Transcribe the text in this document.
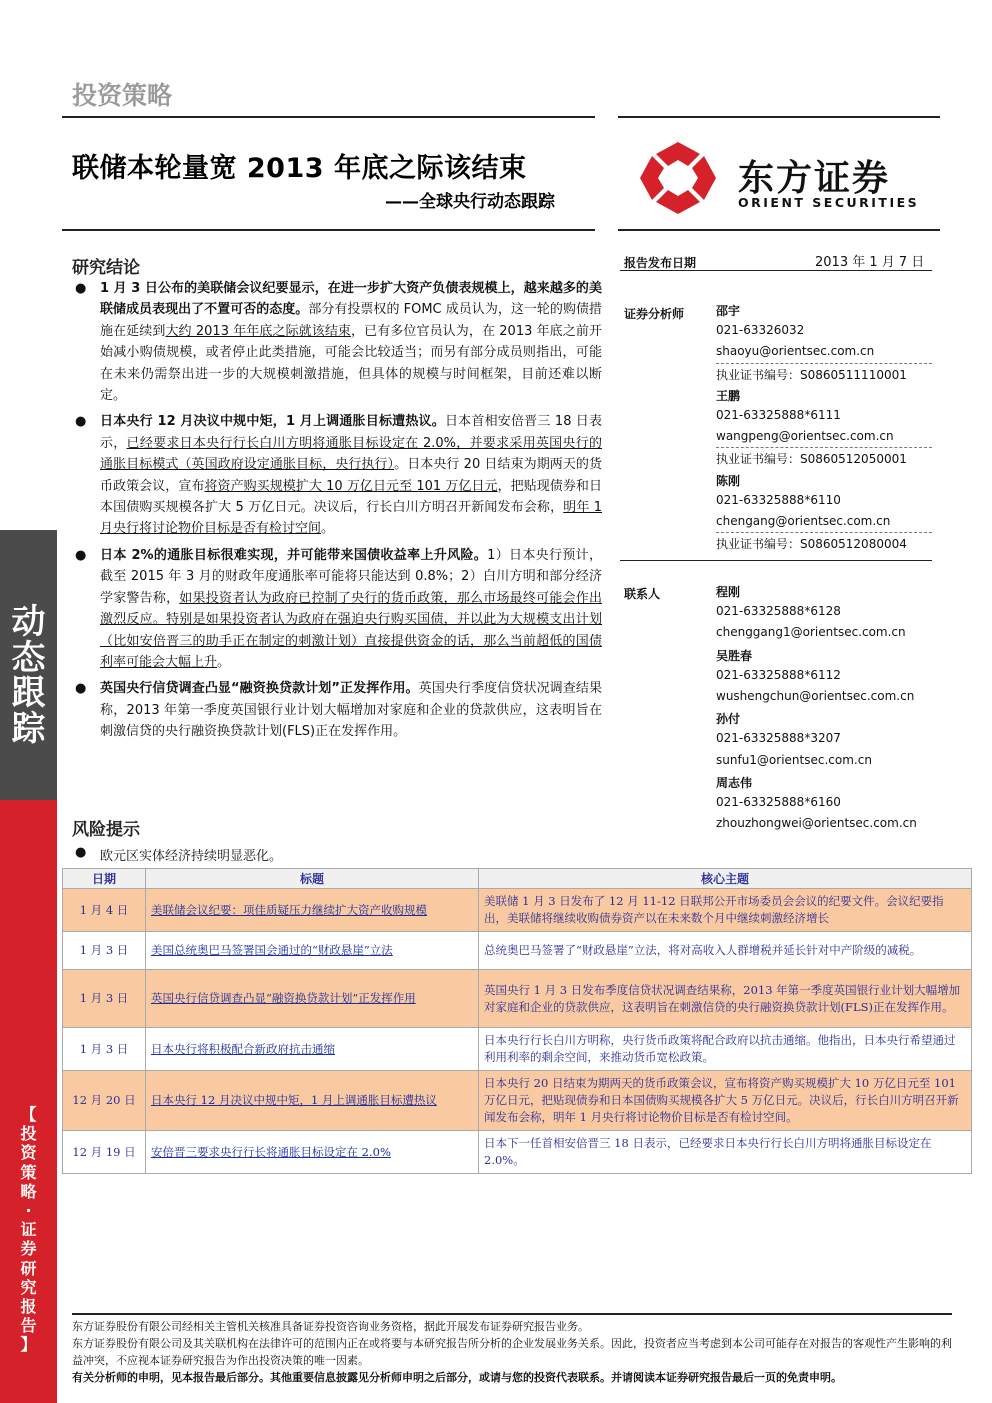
动
态
跟
踪
【
投
资
策
略
·
证
券
研
究
报
告
】
投资策略
联储本轮量宽 2013 年底之际该结束
——全球央行动态跟踪
东方证券
ORIENT SECURITIES
研究结论
● 1 月 3 日公布的美联储会议纪要显示，在进一步扩大资产负债表规模上，越来越多的美联储成员表现出了不置可否的态度。部分有投票权的 FOMC 成员认为，这一轮的购债措施在延续到大约 2013 年年底之际就该结束，已有多位官员认为，在 2013 年底之前开始减小购债规模，或者停止此类措施，可能会比较适当；而另有部分成员则指出，可能在未来仍需祭出进一步的大规模刺激措施，但具体的规模与时间框架，目前还难以断定。
● 日本央行 12 月决议中规中矩，1 月上调通胀目标遭热议。日本首相安倍晋三 18 日表示，已经要求日本央行行长白川方明将通胀目标设定在 2.0%，并要求采用英国央行的通胀目标模式（英国政府设定通胀目标，央行执行）。日本央行 20 日结束为期两天的货币政策会议，宣布将资产购买规模扩大 10 万亿日元至 101 万亿日元，把贴现债券和日本国债购买规模各扩大 5 万亿日元。决议后，行长白川方明召开新闻发布会称，明年 1 月央行将讨论物价目标是否有检讨空间。
● 日本 2%的通胀目标很难实现，并可能带来国债收益率上升风险。1）日本央行预计，截至 2015 年 3 月的财政年度通胀率可能将只能达到 0.8%；2）白川方明和部分经济学家警告称，如果投资者认为政府已控制了央行的货币政策，那么市场最终可能会作出激烈反应。特别是如果投资者认为政府在强迫央行购买国债，并以此为大规模支出计划（比如安倍晋三的助手正在制定的刺激计划）直接提供资金的话，那么当前超低的国债利率可能会大幅上升。
● 英国央行信贷调查凸显“融资换贷款计划”正发挥作用。英国央行季度信贷状况调查结果称，2013 年第一季度英国银行业计划大幅增加对家庭和企业的贷款供应，这表明旨在刺激信贷的央行融资换贷款计划(FLS)正在发挥作用。
风险提示
● 欧元区实体经济持续明显恶化。
报告发布日期	2013 年 1 月 7 日
证券分析师	邵宇
021-63326032
shaoyu@orientsec.com.cn
执业证书编号：S0860511110001
王鹏
021-63325888*6111
wangpeng@orientsec.com.cn
执业证书编号：S0860512050001
陈刚
021-63325888*6110
chengang@orientsec.com.cn
执业证书编号：S0860512080004
联系人	程刚
021-63325888*6128
chenggang1@orientsec.com.cn
吴胜春
021-63325888*6112
wushengchun@orientsec.com.cn
孙付
021-63325888*3207
sunfu1@orientsec.com.cn
周志伟
021-63325888*6160
zhouzhongwei@orientsec.com.cn
日期	标题	核心主题
1 月 4 日	美联储会议纪要：项佳质疑压力继续扩大资产收购规模	美联储 1 月 3 日发布了 12 月 11-12 日联邦公开市场委员会会议的纪要文件。会议纪要指出，美联储将继续收购债券资产以在未来数个月中继续刺激经济增长
1 月 3 日	美国总统奥巴马签署国会通过的“财政悬崖”立法	总统奥巴马签署了“财政悬崖”立法，将对高收入人群增税并延长针对中产阶级的减税。
1 月 3 日	英国央行信贷调查凸显“融资换贷款计划”正发挥作用	英国央行 1 月 3 日发布季度信贷状况调查结果称，2013 年第一季度英国银行业计划大幅增加对家庭和企业的贷款供应，这表明旨在刺激信贷的央行融资换贷款计划(FLS)正在发挥作用。
1 月 3 日	日本央行将积极配合新政府抗击通缩	日本央行行长白川方明称，央行货币政策将配合政府以抗击通缩。他指出，日本央行希望通过利用利率的剩余空间，来推动货币宽松政策。
12 月 20 日	日本央行 12 月决议中规中矩，1 月上调通胀目标遭热议	日本央行 20 日结束为期两天的货币政策会议，宣布将资产购买规模扩大 10 万亿日元至 101 万亿日元，把贴现债券和日本国债购买规模各扩大 5 万亿日元。决议后，行长白川方明召开新闻发布会称，明年 1 月央行将讨论物价目标是否有检讨空间。
12 月 19 日	安倍晋三要求央行行长将通胀目标设定在 2.0%	日本下一任首相安倍晋三 18 日表示，已经要求日本央行行长白川方明将通胀目标设定在 2.0%。
东方证券股份有限公司经相关主管机关核准具备证券投资咨询业务资格，据此开展发布证券研究报告业务。
东方证券股份有限公司及其关联机构在法律许可的范围内正在或将要与本研究报告所分析的企业发展业务关系。因此，投资者应当考虑到本公司可能存在对报告的客观性产生影响的利益冲突，不应视本证券研究报告为作出投资决策的唯一因素。
有关分析师的申明，见本报告最后部分。其他重要信息披露见分析师申明之后部分，或请与您的投资代表联系。并请阅读本证券研究报告最后一页的免责申明。
